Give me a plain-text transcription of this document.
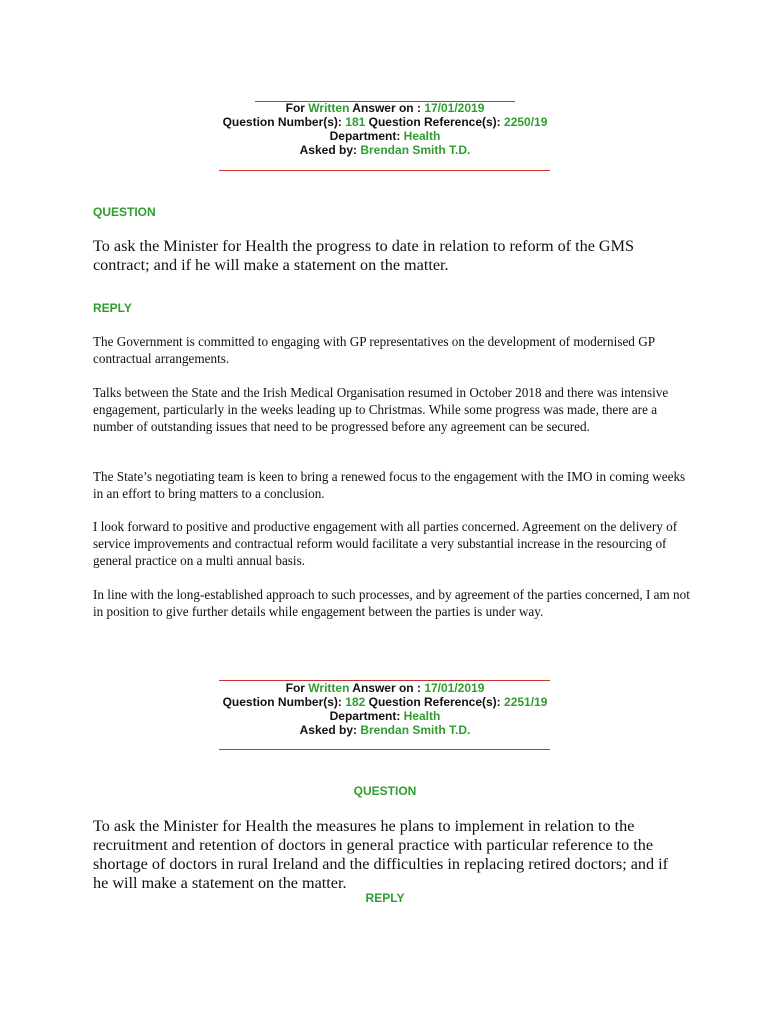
For Written Answer on : 17/01/2019
Question Number(s): 181 Question Reference(s): 2250/19
Department: Health
Asked by: Brendan Smith T.D.
QUESTION
To ask the Minister for Health the progress to date in relation to reform of the GMS contract; and if he will make a statement on the matter.
REPLY

The Government is committed to engaging with GP representatives on the development of modernised GP contractual arrangements.

Talks between the State and the Irish Medical Organisation resumed in October 2018 and there was intensive engagement, particularly in the weeks leading up to Christmas. While some progress was made, there are a number of outstanding issues that need to be progressed before any agreement can be secured.

The State’s negotiating team is keen to bring a renewed focus to the engagement with the IMO in coming weeks in an effort to bring matters to a conclusion.

I look forward to positive and productive engagement with all parties concerned. Agreement on the delivery of service improvements and contractual reform would facilitate a very substantial increase in the resourcing of general practice on a multi annual basis.

In line with the long-established approach to such processes, and by agreement of the parties concerned, I am not in position to give further details while engagement between the parties is under way.

For Written Answer on : 17/01/2019
Question Number(s): 182 Question Reference(s): 2251/19
Department: Health
Asked by: Brendan Smith T.D.
QUESTION
To ask the Minister for Health the measures he plans to implement in relation to the recruitment and retention of doctors in general practice with particular reference to the shortage of doctors in rural Ireland and the difficulties in replacing retired doctors; and if he will make a statement on the matter.
REPLY
